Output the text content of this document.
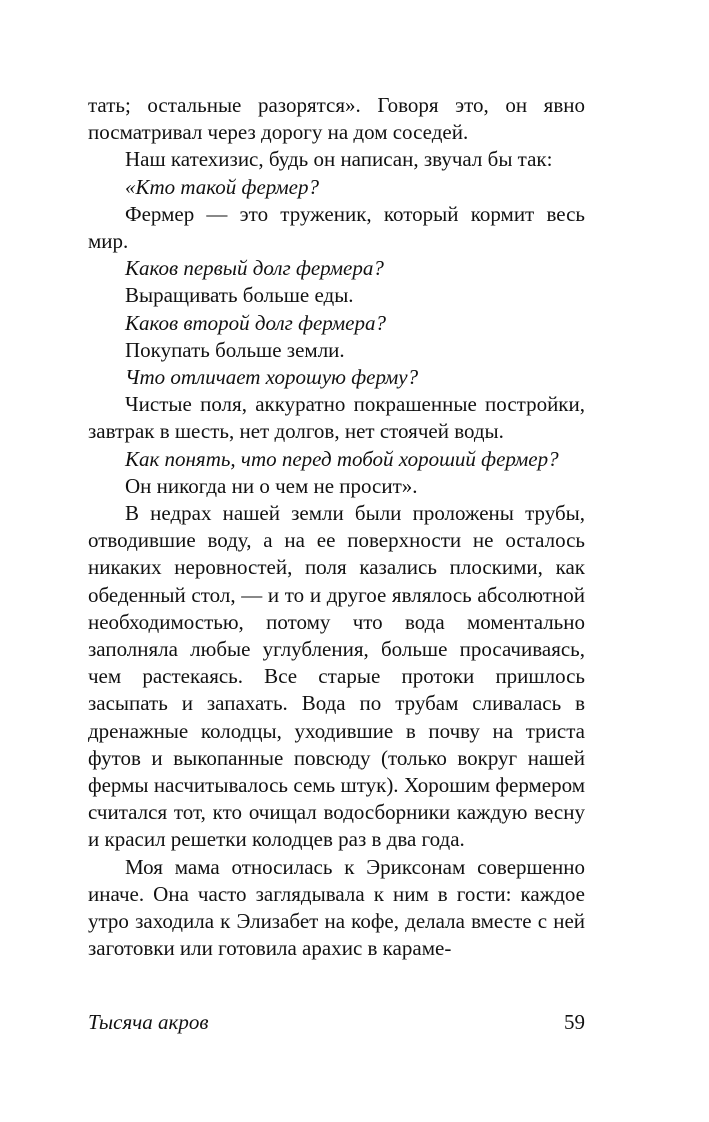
тать; остальные разорятся». Говоря это, он явно посматривал через дорогу на дом соседей.

Наш катехизис, будь он написан, звучал бы так:

«Кто такой фермер?

Фермер — это труженик, который кормит весь мир.

Каков первый долг фермера?

Выращивать больше еды.

Каков второй долг фермера?

Покупать больше земли.

Что отличает хорошую ферму?

Чистые поля, аккуратно покрашенные постройки, завтрак в шесть, нет долгов, нет стоячей воды.

Как понять, что перед тобой хороший фермер?

Он никогда ни о чем не просит».

В недрах нашей земли были проложены трубы, отводившие воду, а на ее поверхности не осталось никаких неровностей, поля казались плоскими, как обеденный стол, — и то и другое являлось абсолютной необходимостью, потому что вода моментально заполняла любые углубления, больше просачиваясь, чем растекаясь. Все старые протоки пришлось засыпать и запахать. Вода по трубам сливалась в дренажные колодцы, уходившие в почву на триста футов и выкопанные повсюду (только вокруг нашей фермы насчитывалось семь штук). Хорошим фермером считался тот, кто очищал водосборники каждую весну и красил решетки колодцев раз в два года.

Моя мама относилась к Эриксонам совершенно иначе. Она часто заглядывала к ним в гости: каждое утро заходила к Элизабет на кофе, делала вместе с ней заготовки или готовила арахис в караме-

Тысяча акров	59
